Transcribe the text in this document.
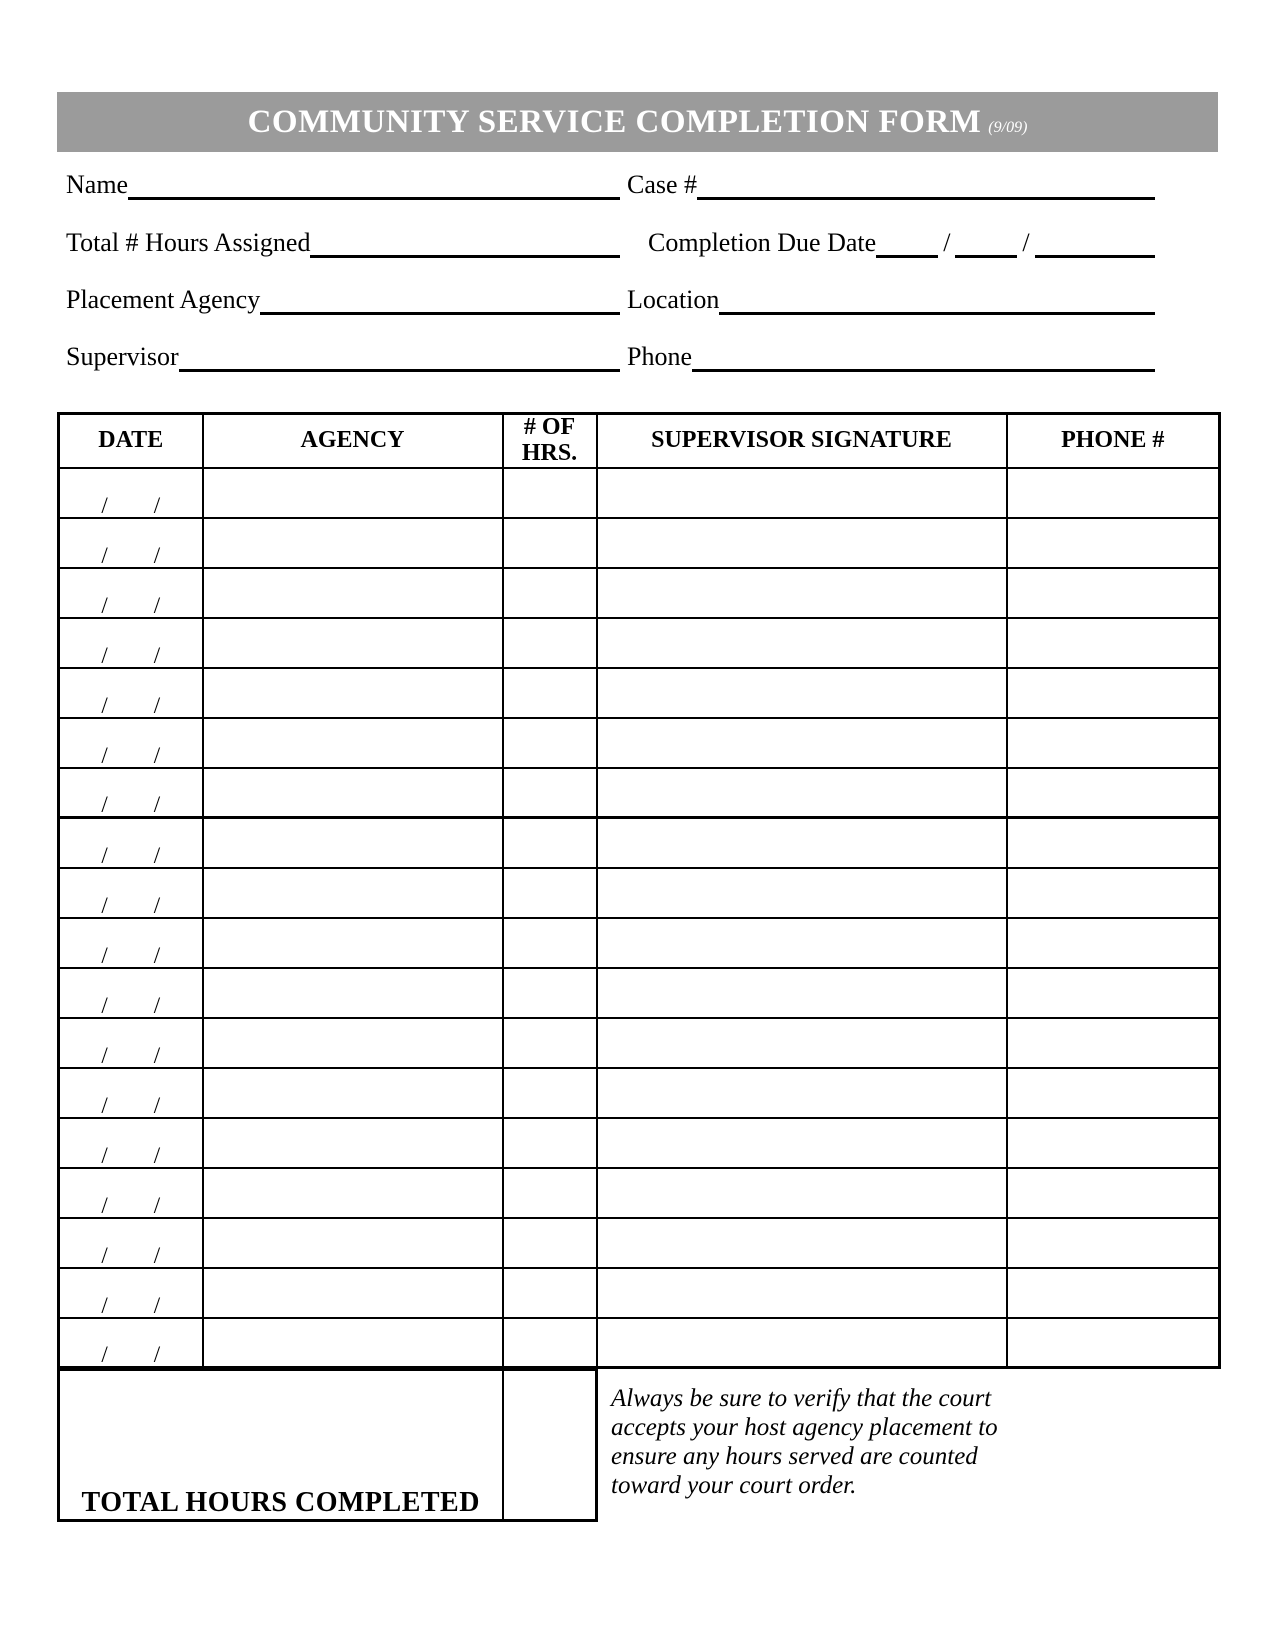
COMMUNITY SERVICE COMPLETION FORM (9/09)
Name	Case #
Total # Hours Assigned	Completion Due Date	/	/
Placement Agency	Location
Supervisor	Phone
DATE	AGENCY	# OF HRS.	SUPERVISOR SIGNATURE	PHONE #
/        /				
/        /				
/        /				
/        /				
/        /				
/        /				
/        /				
/        /				
/        /				
/        /				
/        /				
/        /				
/        /				
/        /				
/        /				
/        /				
/        /				
/        /				
TOTAL HOURS COMPLETED	
Always be sure to verify that the court
accepts your host agency placement to
ensure any hours served are counted
toward your court order.
